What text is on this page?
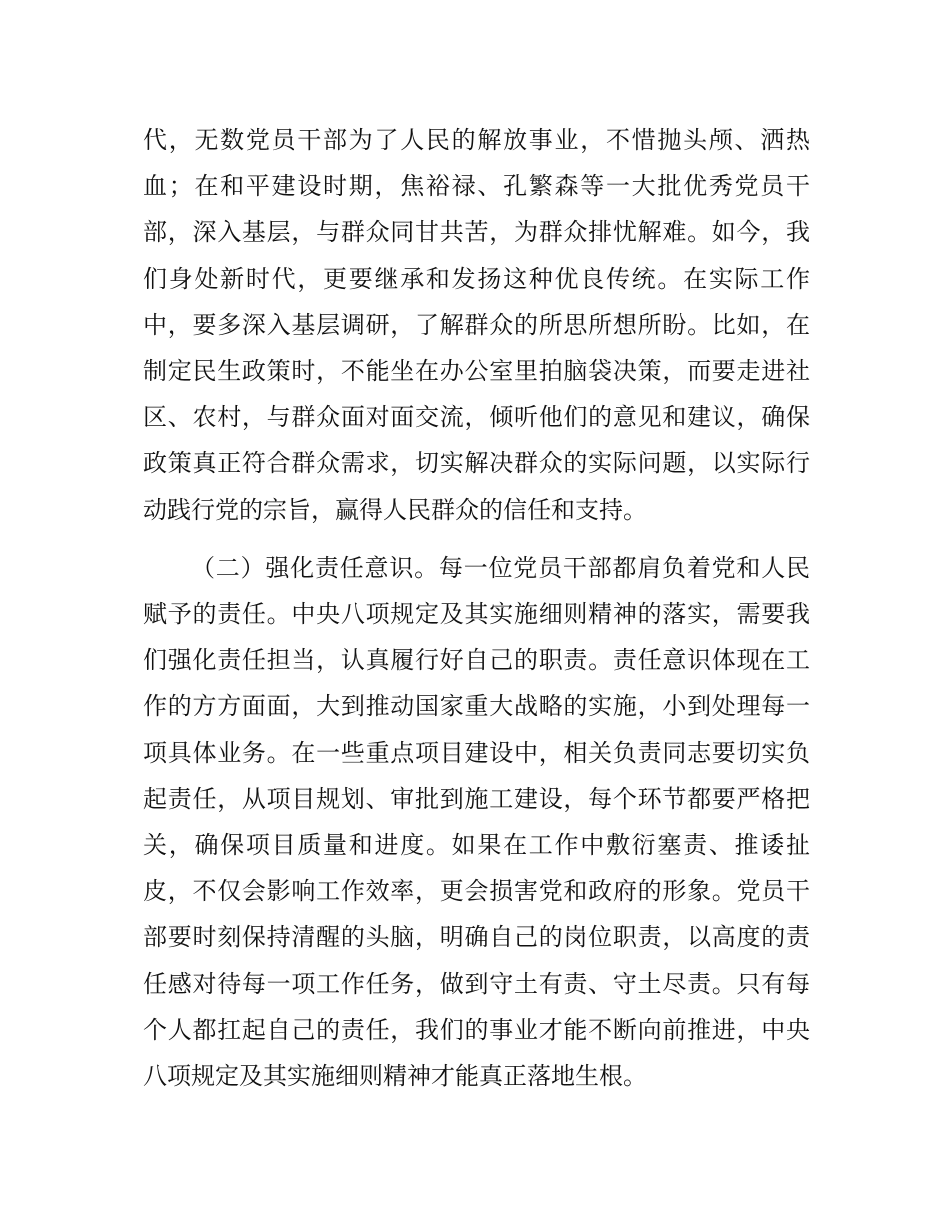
代，无数党员干部为了人民的解放事业，不惜抛头颅、洒热血；在和平建设时期，焦裕禄、孔繁森等一大批优秀党员干部，深入基层，与群众同甘共苦，为群众排忧解难。如今，我们身处新时代，更要继承和发扬这种优良传统。在实际工作中，要多深入基层调研，了解群众的所思所想所盼。比如，在制定民生政策时，不能坐在办公室里拍脑袋决策，而要走进社区、农村，与群众面对面交流，倾听他们的意见和建议，确保政策真正符合群众需求，切实解决群众的实际问题，以实际行动践行党的宗旨，赢得人民群众的信任和支持。

（二）强化责任意识。每一位党员干部都肩负着党和人民赋予的责任。中央八项规定及其实施细则精神的落实，需要我们强化责任担当，认真履行好自己的职责。责任意识体现在工作的方方面面，大到推动国家重大战略的实施，小到处理每一项具体业务。在一些重点项目建设中，相关负责同志要切实负起责任，从项目规划、审批到施工建设，每个环节都要严格把关，确保项目质量和进度。如果在工作中敷衍塞责、推诿扯皮，不仅会影响工作效率，更会损害党和政府的形象。党员干部要时刻保持清醒的头脑，明确自己的岗位职责，以高度的责任感对待每一项工作任务，做到守土有责、守土尽责。只有每个人都扛起自己的责任，我们的事业才能不断向前推进，中央八项规定及其实施细则精神才能真正落地生根。
